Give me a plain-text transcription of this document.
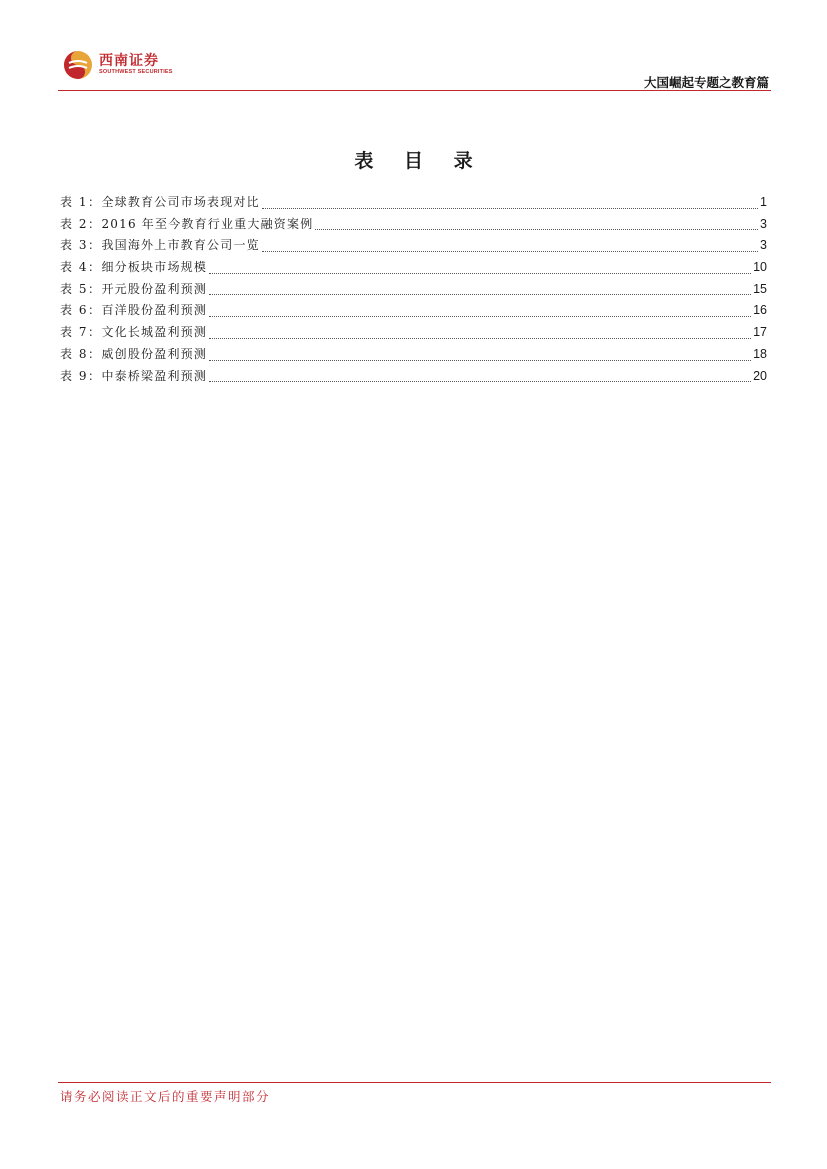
西南证券
SOUTHWEST SECURITIES
大国崛起专题之教育篇
表 目 录
表 1： 全球教育公司市场表现对比	1
表 2： 2016 年至今教育行业重大融资案例	3
表 3： 我国海外上市教育公司一览	3
表 4： 细分板块市场规模	10
表 5： 开元股份盈利预测	15
表 6： 百洋股份盈利预测	16
表 7： 文化长城盈利预测	17
表 8： 威创股份盈利预测	18
表 9： 中泰桥梁盈利预测	20
请务必阅读正文后的重要声明部分
